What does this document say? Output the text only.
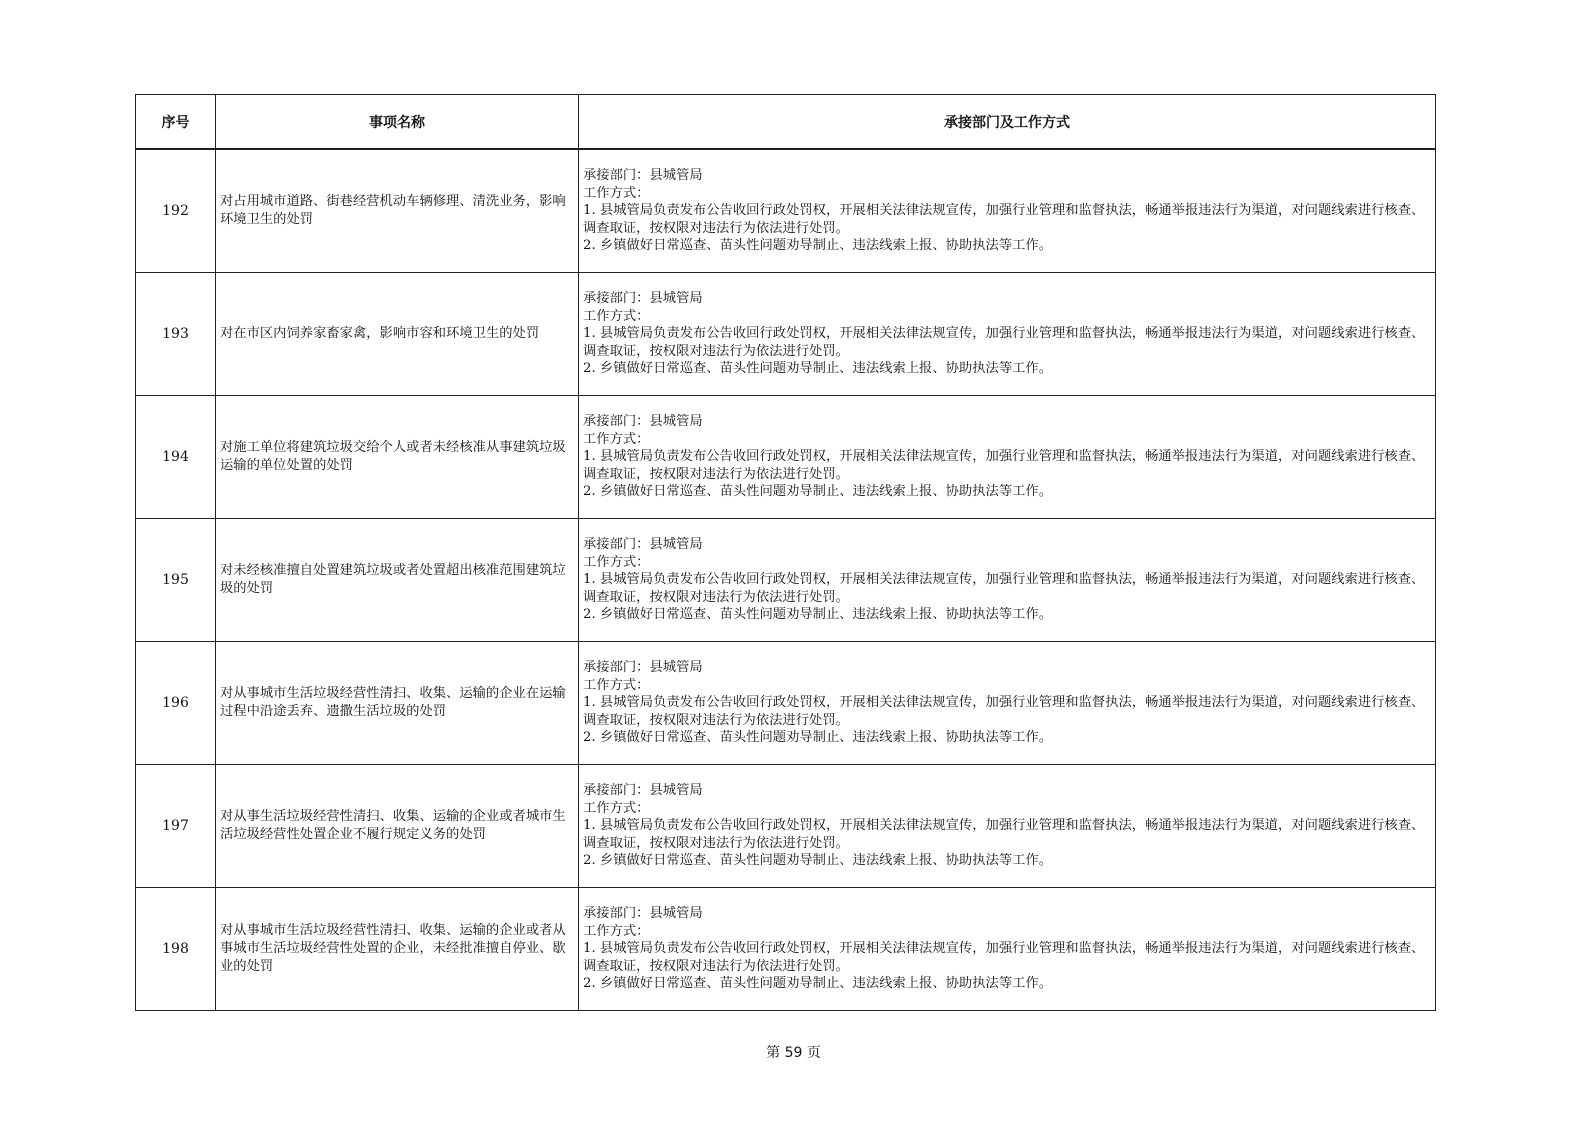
序号	事项名称	承接部门及工作方式
192	对占用城市道路、街巷经营机动车辆修理、清洗业务，影响环境卫生的处罚	承接部门：县城管局
工作方式：
1. 县城管局负责发布公告收回行政处罚权，开展相关法律法规宣传，加强行业管理和监督执法，畅通举报违法行为渠道，对问题线索进行核查、调查取证，按权限对违法行为依法进行处罚。
2. 乡镇做好日常巡查、苗头性问题劝导制止、违法线索上报、协助执法等工作。

193	对在市区内饲养家畜家禽，影响市容和环境卫生的处罚	承接部门：县城管局
工作方式：
1. 县城管局负责发布公告收回行政处罚权，开展相关法律法规宣传，加强行业管理和监督执法，畅通举报违法行为渠道，对问题线索进行核查、调查取证，按权限对违法行为依法进行处罚。
2. 乡镇做好日常巡查、苗头性问题劝导制止、违法线索上报、协助执法等工作。

194	对施工单位将建筑垃圾交给个人或者未经核准从事建筑垃圾运输的单位处置的处罚	承接部门：县城管局
工作方式：
1. 县城管局负责发布公告收回行政处罚权，开展相关法律法规宣传，加强行业管理和监督执法，畅通举报违法行为渠道，对问题线索进行核查、调查取证，按权限对违法行为依法进行处罚。
2. 乡镇做好日常巡查、苗头性问题劝导制止、违法线索上报、协助执法等工作。

195	对未经核准擅自处置建筑垃圾或者处置超出核准范围建筑垃圾的处罚	承接部门：县城管局
工作方式：
1. 县城管局负责发布公告收回行政处罚权，开展相关法律法规宣传，加强行业管理和监督执法，畅通举报违法行为渠道，对问题线索进行核查、调查取证，按权限对违法行为依法进行处罚。
2. 乡镇做好日常巡查、苗头性问题劝导制止、违法线索上报、协助执法等工作。

196	对从事城市生活垃圾经营性清扫、收集、运输的企业在运输过程中沿途丢弃、遗撒生活垃圾的处罚	承接部门：县城管局
工作方式：
1. 县城管局负责发布公告收回行政处罚权，开展相关法律法规宣传，加强行业管理和监督执法，畅通举报违法行为渠道，对问题线索进行核查、调查取证，按权限对违法行为依法进行处罚。
2. 乡镇做好日常巡查、苗头性问题劝导制止、违法线索上报、协助执法等工作。

197	对从事生活垃圾经营性清扫、收集、运输的企业或者城市生活垃圾经营性处置企业不履行规定义务的处罚	承接部门：县城管局
工作方式：
1. 县城管局负责发布公告收回行政处罚权，开展相关法律法规宣传，加强行业管理和监督执法，畅通举报违法行为渠道，对问题线索进行核查、调查取证，按权限对违法行为依法进行处罚。
2. 乡镇做好日常巡查、苗头性问题劝导制止、违法线索上报、协助执法等工作。

198	对从事城市生活垃圾经营性清扫、收集、运输的企业或者从事城市生活垃圾经营性处置的企业，未经批准擅自停业、歇业的处罚	承接部门：县城管局
工作方式：
1. 县城管局负责发布公告收回行政处罚权，开展相关法律法规宣传，加强行业管理和监督执法，畅通举报违法行为渠道，对问题线索进行核查、调查取证，按权限对违法行为依法进行处罚。
2. 乡镇做好日常巡查、苗头性问题劝导制止、违法线索上报、协助执法等工作。
第 59 页
